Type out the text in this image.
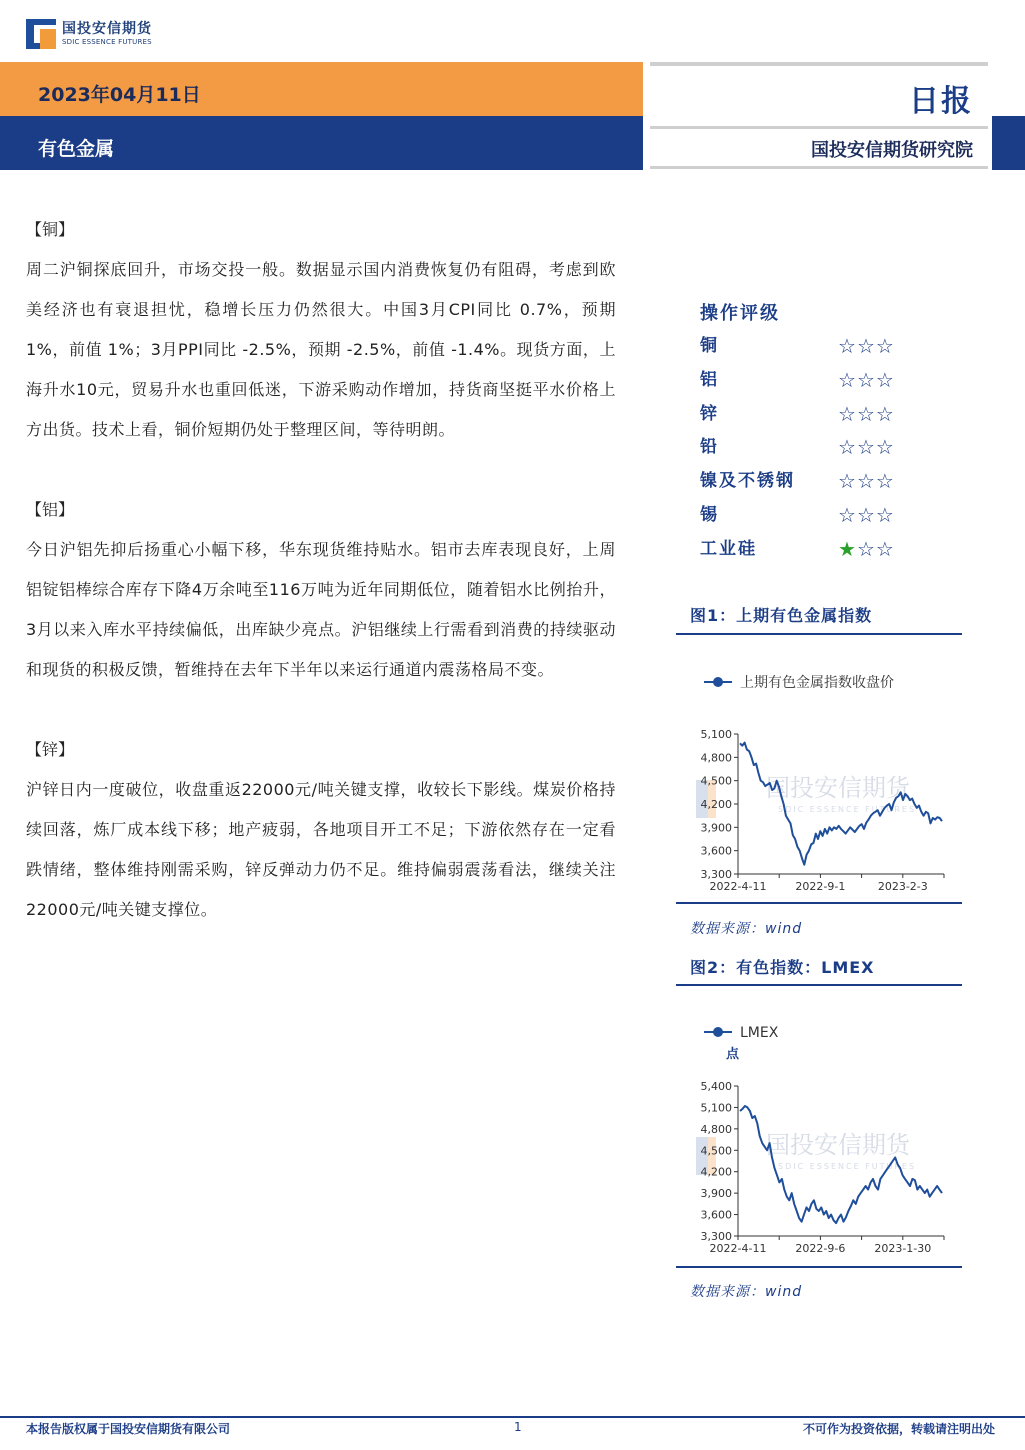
国投安信期货
SDIC ESSENCE FUTURES
2023年04月11日
有色金属
日报
国投安信期货研究院
【铜】

周二沪铜探底回升，市场交投一般。数据显示国内消费恢复仍有阻碍，考虑到欧美经济也有衰退担忧，稳增长压力仍然很大。中国3月CPI同比 0.7%，预期 1%，前值 1%；3月PPI同比 -2.5%，预期 -2.5%，前值 -1.4%。现货方面，上海升水10元，贸易升水也重回低迷，下游采购动作增加，持货商坚挺平水价格上方出货。技术上看，铜价短期仍处于整理区间，等待明朗。

【铝】

今日沪铝先抑后扬重心小幅下移，华东现货维持贴水。铝市去库表现良好，上周铝锭铝棒综合库存下降4万余吨至116万吨为近年同期低位，随着铝水比例抬升，3月以来入库水平持续偏低，出库缺少亮点。沪铝继续上行需看到消费的持续驱动和现货的积极反馈，暂维持在去年下半年以来运行通道内震荡格局不变。

【锌】

沪锌日内一度破位，收盘重返22000元/吨关键支撑，收较长下影线。煤炭价格持续回落，炼厂成本线下移；地产疲弱，各地项目开工不足；下游依然存在一定看跌情绪，整体维持刚需采购，锌反弹动力仍不足。维持偏弱震荡看法，继续关注22000元/吨关键支撑位。

操作评级
铜	☆☆☆
铝	☆☆☆
锌	☆☆☆
铅	☆☆☆
镍及不锈钢	☆☆☆
锡	☆☆☆
工业硅	★☆☆
图1：上期有色金属指数
上期有色金属指数收盘价
国投安信期货
SDIC ESSENCE FUTURES
5,100
4,800
4,500
4,200
3,900
3,600
3,300
2022-4-11	2022-9-1	2023-2-3
数据来源：wind
图2：有色指数：LMEX
LMEX
点
国投安信期货
SDIC ESSENCE FUTURES
5,400
5,100
4,800
4,500
4,200
3,900
3,600
3,300
2022-4-11	2022-9-6	2023-1-30
数据来源：wind
本报告版权属于国投安信期货有限公司	1	不可作为投资依据，转载请注明出处
